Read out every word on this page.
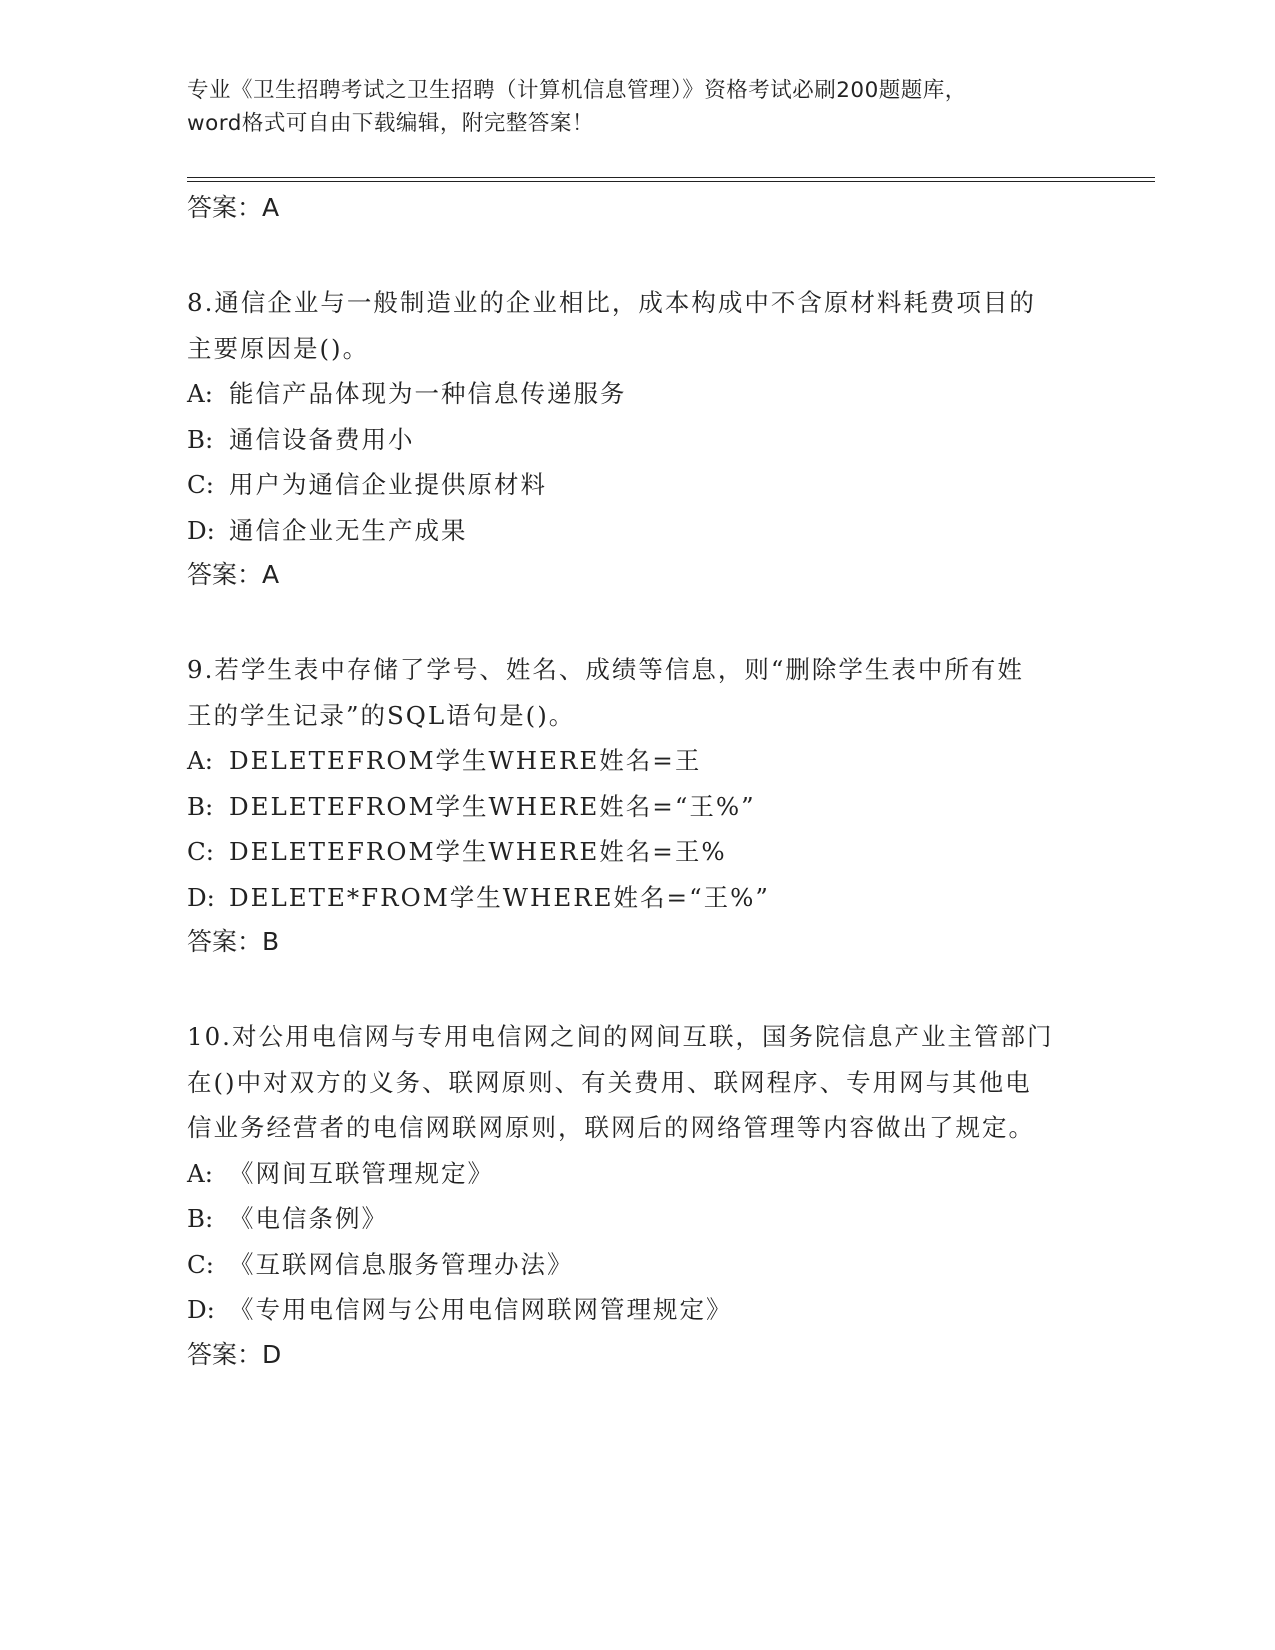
专业《卫生招聘考试之卫生招聘（计算机信息管理）》资格考试必刷200题题库，
word格式可自由下载编辑，附完整答案！
答案：A
8.通信企业与一般制造业的企业相比，成本构成中不含原材料耗费项目的主要原因是()。
A: 能信产品体现为一种信息传递服务
B: 通信设备费用小
C: 用户为通信企业提供原材料
D: 通信企业无生产成果
答案：A
9.若学生表中存储了学号、姓名、成绩等信息，则“删除学生表中所有姓王的学生记录”的SQL语句是()。
A: DELETEFROM学生WHERE姓名=王
B: DELETEFROM学生WHERE姓名=“王%”
C: DELETEFROM学生WHERE姓名=王%
D: DELETE*FROM学生WHERE姓名=“王%”
答案：B
10.对公用电信网与专用电信网之间的网间互联，国务院信息产业主管部门在()中对双方的义务、联网原则、有关费用、联网程序、专用网与其他电信业务经营者的电信网联网原则，联网后的网络管理等内容做出了规定。
A: 《网间互联管理规定》
B: 《电信条例》
C: 《互联网信息服务管理办法》
D: 《专用电信网与公用电信网联网管理规定》
答案：D
